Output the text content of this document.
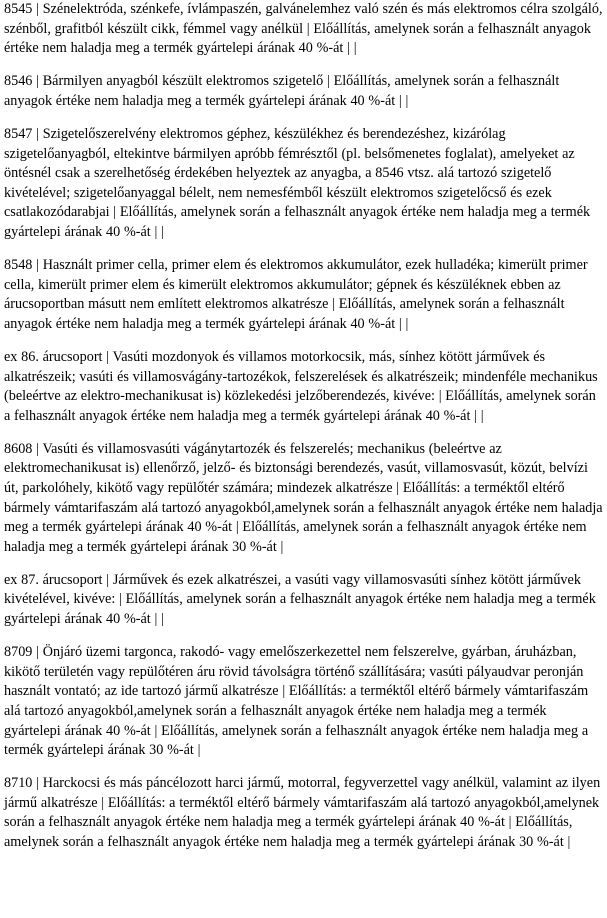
8545 | Szénelektróda, szénkefe, ívlámpaszén, galvánelemhez való szén és más elektromos célra szolgáló, szénből, grafitból készült cikk, fémmel vagy anélkül | Előállítás, amelynek során a felhasznált anyagok értéke nem haladja meg a termék gyártelepi árának 40 %-át | |

8546 | Bármilyen anyagból készült elektromos szigetelő | Előállítás, amelynek során a felhasznált anyagok értéke nem haladja meg a termék gyártelepi árának 40 %-át | |

8547 | Szigetelőszerelvény elektromos géphez, készülékhez és berendezéshez, kizárólag szigetelőanyagból, eltekintve bármilyen apróbb fémrésztől (pl. belsőmenetes foglalat), amelyeket az öntésnél csak a szerelhetőség érdekében helyeztek az anyagba, a 8546 vtsz. alá tartozó szigetelő kivételével; szigetelőanyaggal bélelt, nem nemesfémből készült elektromos szigetelőcső és ezek csatlakozódarabjai | Előállítás, amelynek során a felhasznált anyagok értéke nem haladja meg a termék gyártelepi árának 40 %-át | |

8548 | Használt primer cella, primer elem és elektromos akkumulátor, ezek hulladéka; kimerült primer cella, kimerült primer elem és kimerült elektromos akkumulátor; gépnek és készüléknek ebben az árucsoportban másutt nem említett elektromos alkatrésze | Előállítás, amelynek során a felhasznált anyagok értéke nem haladja meg a termék gyártelepi árának 40 %-át | |

ex 86. árucsoport | Vasúti mozdonyok és villamos motorkocsik, más, sínhez kötött járművek és alkatrészeik; vasúti és villamosvágány-tartozékok, felszerelések és alkatrészeik; mindenféle mechanikus (beleértve az elektro-mechanikusat is) közlekedési jelzőberendezés, kivéve: | Előállítás, amelynek során a felhasznált anyagok értéke nem haladja meg a termék gyártelepi árának 40 %-át | |

8608 | Vasúti és villamosvasúti vágánytartozék és felszerelés; mechanikus (beleértve az elektromechanikusat is) ellenőrző, jelző- és biztonsági berendezés, vasút, villamosvasút, közút, belvízi út, parkolóhely, kikötő vagy repülőtér számára; mindezek alkatrésze | Előállítás: a terméktől eltérő bármely vámtarifaszám alá tartozó anyagokból,amelynek során a felhasznált anyagok értéke nem haladja meg a termék gyártelepi árának 40 %-át | Előállítás, amelynek során a felhasznált anyagok értéke nem haladja meg a termék gyártelepi árának 30 %-át |

ex 87. árucsoport | Járművek és ezek alkatrészei, a vasúti vagy villamosvasúti sínhez kötött járművek kivételével, kivéve: | Előállítás, amelynek során a felhasznált anyagok értéke nem haladja meg a termék gyártelepi árának 40 %-át | |

8709 | Önjáró üzemi targonca, rakodó- vagy emelőszerkezettel nem felszerelve, gyárban, áruházban, kikötő területén vagy repülőtéren áru rövid távolságra történő szállítására; vasúti pályaudvar peronján használt vontató; az ide tartozó jármű alkatrésze | Előállítás: a terméktől eltérő bármely vámtarifaszám alá tartozó anyagokból,amelynek során a felhasznált anyagok értéke nem haladja meg a termék gyártelepi árának 40 %-át | Előállítás, amelynek során a felhasznált anyagok értéke nem haladja meg a termék gyártelepi árának 30 %-át |

8710 | Harckocsi és más páncélozott harci jármű, motorral, fegyverzettel vagy anélkül, valamint az ilyen jármű alkatrésze | Előállítás: a terméktől eltérő bármely vámtarifaszám alá tartozó anyagokból,amelynek során a felhasznált anyagok értéke nem haladja meg a termék gyártelepi árának 40 %-át | Előállítás, amelynek során a felhasznált anyagok értéke nem haladja meg a termék gyártelepi árának 30 %-át |
